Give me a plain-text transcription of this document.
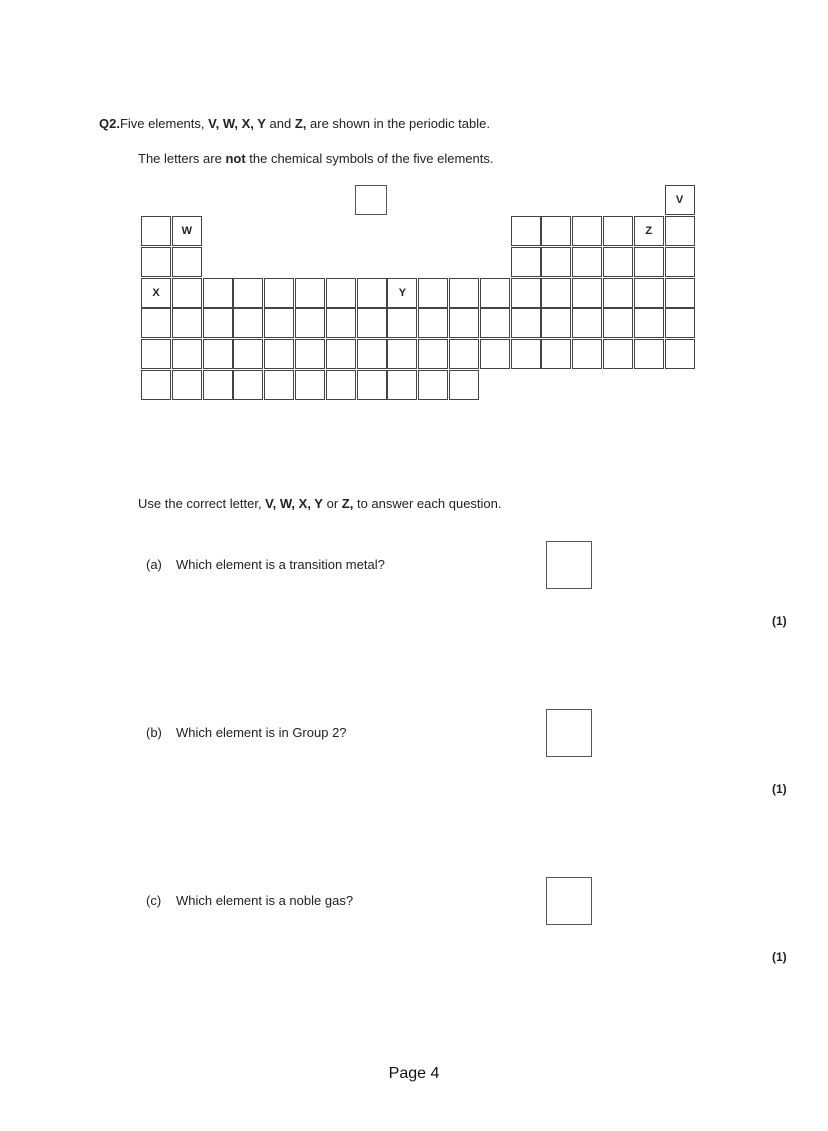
Q2.Five elements, V, W, X, Y and Z, are shown in the periodic table.
The letters are not the chemical symbols of the five elements.
V
W	Z
X	Y
Use the correct letter, V, W, X, Y or Z, to answer each question.
(a) Which element is a transition metal?
(1)
(b) Which element is in Group 2?
(1)
(c) Which element is a noble gas?
(1)
Page 4
